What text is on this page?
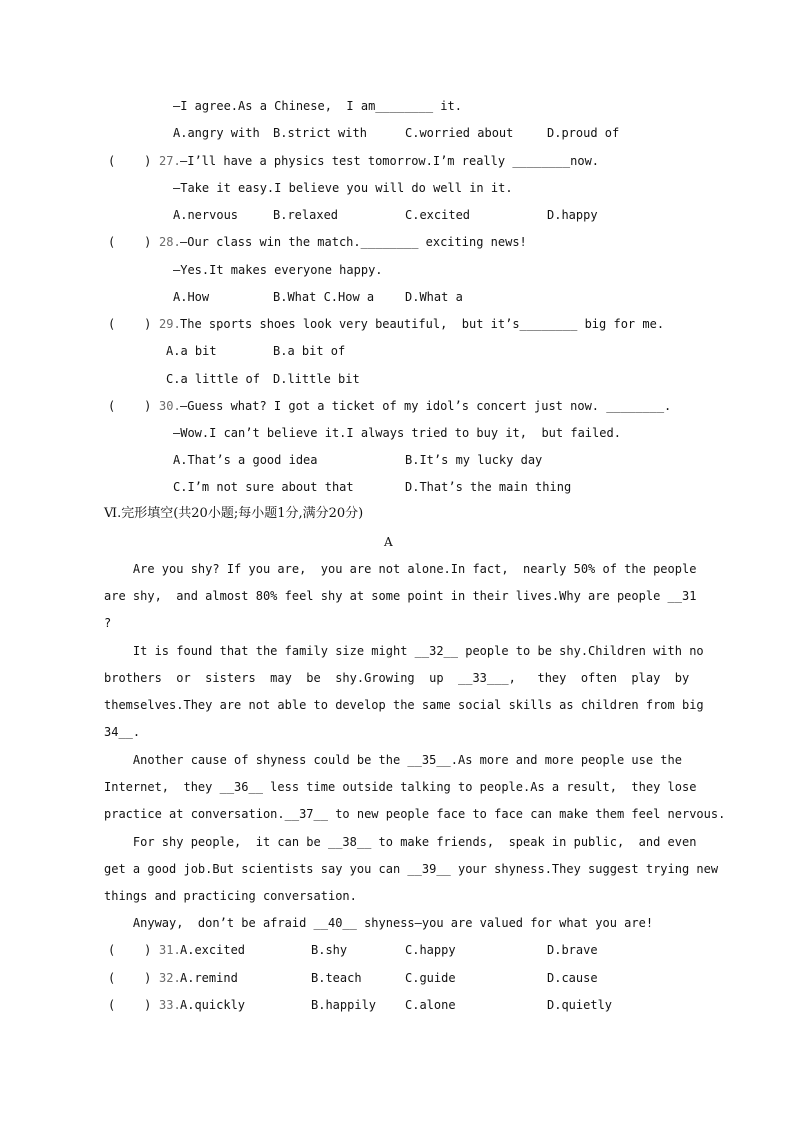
—I agree.As a Chinese,  I am________ it.
A.angry with B.strict with	C.worried about	D.proud of
(    ) 27. —I’ll have a physics test tomorrow.I’m really ________now.
—Take it easy.I believe you will do well in it.
A.nervous	B.relaxed	C.excited	D.happy
(    ) 28. —Our class win the match.________ exciting news!
—Yes.It makes everyone happy.
A.How	B.What C.How a	D.What a
(    ) 29. The sports shoes look very beautiful,  but it’s________ big for me.
A.a bit	B.a bit of
C.a little of D.little bit
(    ) 30. —Guess what? I got a ticket of my idol’s concert just now. ________.
—Wow.I can’t believe it.I always tried to buy it,  but failed.
A.That’s a good idea	B.It’s my lucky day
C.I’m not sure about that	D.That’s the main thing
Ⅵ.完形填空(共20小题;每小题1分,满分20分)
A
Are you shy? If you are,  you are not alone.In fact,  nearly 50% of the people
are shy,  and almost 80% feel shy at some point in their lives.Why are people __31
?
It is found that the family size might __32__ people to be shy.Children with no
brothers  or  sisters  may  be  shy.Growing  up  __33___,   they  often  play  by
themselves.They are not able to develop the same social skills as children from big
34__.
Another cause of shyness could be the __35__.As more and more people use the
Internet,  they __36__ less time outside talking to people.As a result,  they lose
practice at conversation.__37__ to new people face to face can make them feel nervous.
For shy people,  it can be __38__ to make friends,  speak in public,  and even
get a good job.But scientists say you can __39__ your shyness.They suggest trying new
things and practicing conversation.
Anyway,  don’t be afraid __40__ shyness—you are valued for what you are!
(    ) 31. A.excited	B.shy	C.happy	D.brave
(    ) 32. A.remind	B.teach	C.guide	D.cause
(    ) 33. A.quickly	B.happily C.alone	D.quietly
